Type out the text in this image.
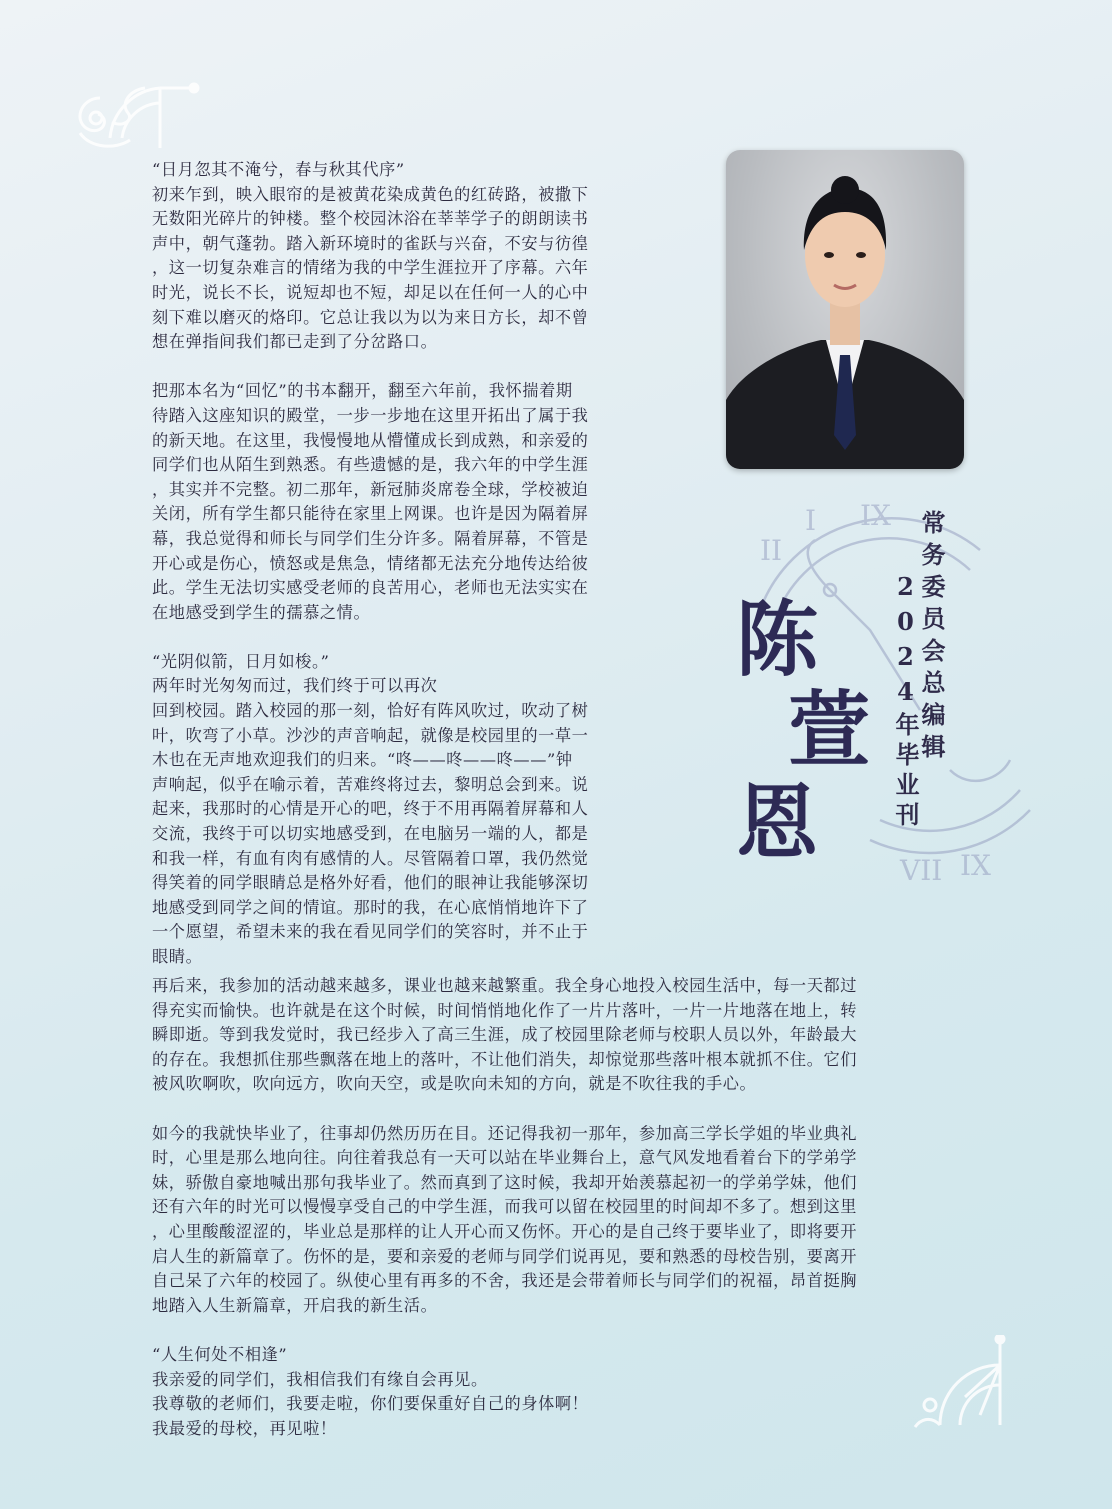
II
I IX
VII IX
“日月忽其不淹兮，春与秋其代序”
初来乍到，映入眼帘的是被黄花染成黄色的红砖路，被撒下
无数阳光碎片的钟楼。整个校园沐浴在莘莘学子的朗朗读书
声中，朝气蓬勃。踏入新环境时的雀跃与兴奋，不安与彷徨
，这一切复杂难言的情绪为我的中学生涯拉开了序幕。六年
时光，说长不长，说短却也不短，却足以在任何一人的心中
刻下难以磨灭的烙印。它总让我以为以为来日方长，却不曾
想在弹指间我们都已走到了分岔路口。
把那本名为“回忆”的书本翻开，翻至六年前，我怀揣着期
待踏入这座知识的殿堂，一步一步地在这里开拓出了属于我
的新天地。在这里，我慢慢地从懵懂成长到成熟，和亲爱的
同学们也从陌生到熟悉。有些遗憾的是，我六年的中学生涯
，其实并不完整。初二那年，新冠肺炎席卷全球，学校被迫
关闭，所有学生都只能待在家里上网课。也许是因为隔着屏
幕，我总觉得和师长与同学们生分许多。隔着屏幕，不管是
开心或是伤心，愤怒或是焦急，情绪都无法充分地传达给彼
此。学生无法切实感受老师的良苦用心，老师也无法实实在
在地感受到学生的孺慕之情。
“光阴似箭，日月如梭。”
两年时光匆匆而过，我们终于可以再次
回到校园。踏入校园的那一刻，恰好有阵风吹过，吹动了树
叶，吹弯了小草。沙沙的声音响起，就像是校园里的一草一
木也在无声地欢迎我们的归来。“咚——咚——咚——”钟
声响起，似乎在喻示着，苦难终将过去，黎明总会到来。说
起来，我那时的心情是开心的吧，终于不用再隔着屏幕和人
交流，我终于可以切实地感受到，在电脑另一端的人，都是
和我一样，有血有肉有感情的人。尽管隔着口罩，我仍然觉
得笑着的同学眼睛总是格外好看，他们的眼神让我能够深切
地感受到同学之间的情谊。那时的我，在心底悄悄地许下了
一个愿望，希望未来的我在看见同学们的笑容时，并不止于
眼睛。
再后来，我参加的活动越来越多，课业也越来越繁重。我全身心地投入校园生活中，每一天都过
得充实而愉快。也许就是在这个时候，时间悄悄地化作了一片片落叶，一片一片地落在地上，转
瞬即逝。等到我发觉时，我已经步入了高三生涯，成了校园里除老师与校职人员以外，年龄最大
的存在。我想抓住那些飘落在地上的落叶，不让他们消失，却惊觉那些落叶根本就抓不住。它们
被风吹啊吹，吹向远方，吹向天空，或是吹向未知的方向，就是不吹往我的手心。
如今的我就快毕业了，往事却仍然历历在目。还记得我初一那年，参加高三学长学姐的毕业典礼
时，心里是那么地向往。向往着我总有一天可以站在毕业舞台上，意气风发地看着台下的学弟学
妹，骄傲自豪地喊出那句我毕业了。然而真到了这时候，我却开始羡慕起初一的学弟学妹，他们
还有六年的时光可以慢慢享受自己的中学生涯，而我可以留在校园里的时间却不多了。想到这里
，心里酸酸涩涩的，毕业总是那样的让人开心而又伤怀。开心的是自己终于要毕业了，即将要开
启人生的新篇章了。伤怀的是，要和亲爱的老师与同学们说再见，要和熟悉的母校告别，要离开
自己呆了六年的校园了。纵使心里有再多的不舍，我还是会带着师长与同学们的祝福，昂首挺胸
地踏入人生新篇章，开启我的新生活。
“人生何处不相逢”
我亲爱的同学们，我相信我们有缘自会再见。
我尊敬的老师们，我要走啦，你们要保重好自己的身体啊！
我最爱的母校，再见啦！
常务委员会总编辑
2024年毕业刊
陈
萱
恩
